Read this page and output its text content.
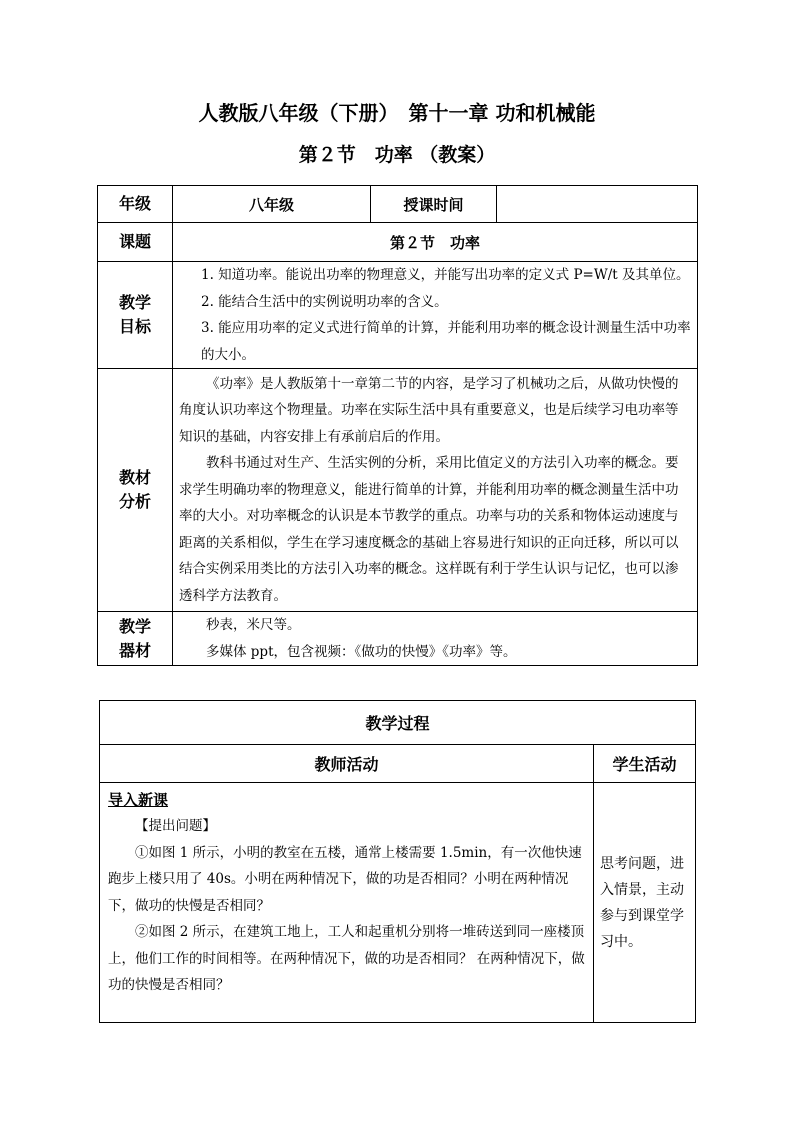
人教版八年级（下册）　第十一章 功和机械能
第２节　功率 （教案）
年级	八年级	授课时间	
课题	第２节　功率		

教学目标	1. 知道功率。能说出功率的物理意义，并能写出功率的定义式 P=W/t 及其单位。
2. 能结合生活中的实例说明功率的含义。
3. 能应用功率的定义式进行简单的计算，并能利用功率的概念设计测量生活中功率的大小。		

教材分析	《功率》是人教版第十一章第二节的内容，是学习了机械功之后，从做功快慢的角度认识功率这个物理量。功率在实际生活中具有重要意义，也是后续学习电功率等知识的基础，内容安排上有承前启后的作用。
教科书通过对生产、生活实例的分析，采用比值定义的方法引入功率的概念。要求学生明确功率的物理意义，能进行简单的计算，并能利用功率的概念测量生活中功率的大小。对功率概念的认识是本节教学的重点。功率与功的关系和物体运动速度与距离的关系相似，学生在学习速度概念的基础上容易进行知识的正向迁移，所以可以结合实例采用类比的方法引入功率的概念。这样既有利于学生认识与记忆，也可以渗透科学方法教育。		

教学器材	秒表，米尺等。
多媒体 ppt，包含视频：《做功的快慢》《功率》等。		
教学过程	
教师活动	学生活动

导入新课
【提出问题】
①如图 1 所示，小明的教室在五楼，通常上楼需要 1.5min，有一次他快速跑步上楼只用了 40s。小明在两种情况下，做的功是否相同？小明在两种情况下，做功的快慢是否相同？
②如图 2 所示，在建筑工地上，工人和起重机分别将一堆砖送到同一座楼顶上，他们工作的时间相等。在两种情况下，做的功是否相同？ 在两种情况下，做功的快慢是否相同？	思考问题，进入情景，主动参与到课堂学习中。
